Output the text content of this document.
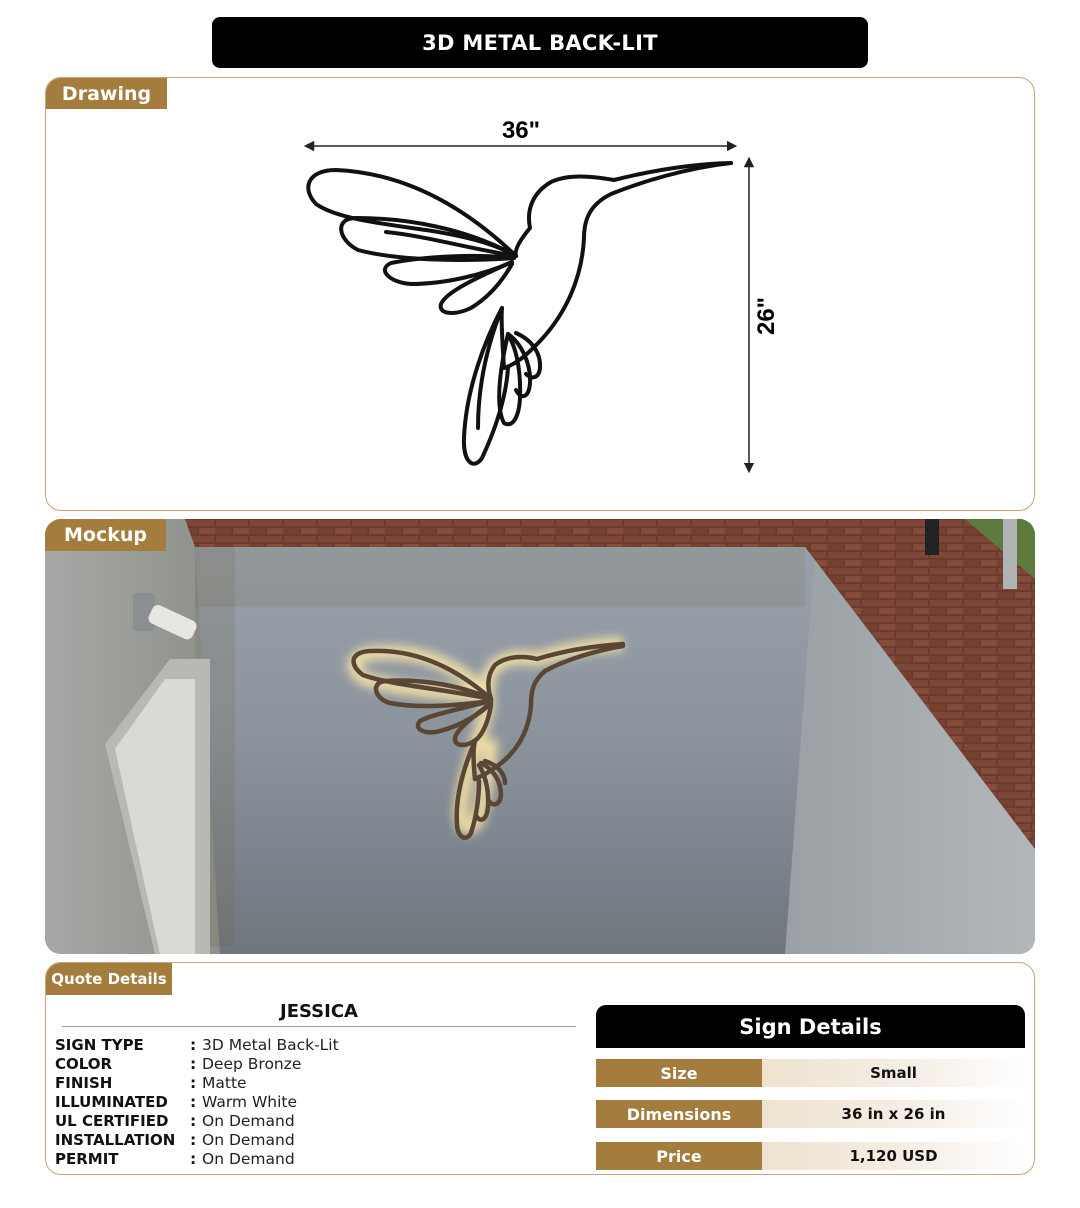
3D METAL BACK-LIT
Drawing
36"
26"
Mockup
Quote Details
JESSICA
SIGN TYPE	: 3D Metal Back-Lit
COLOR	: Deep Bronze
FINISH	: Matte
ILLUMINATED	: Warm White
UL CERTIFIED	: On Demand
INSTALLATION : On Demand
PERMIT	: On Demand
Sign Details
Size	Small
Dimensions	36 in x 26 in
Price	1,120 USD
